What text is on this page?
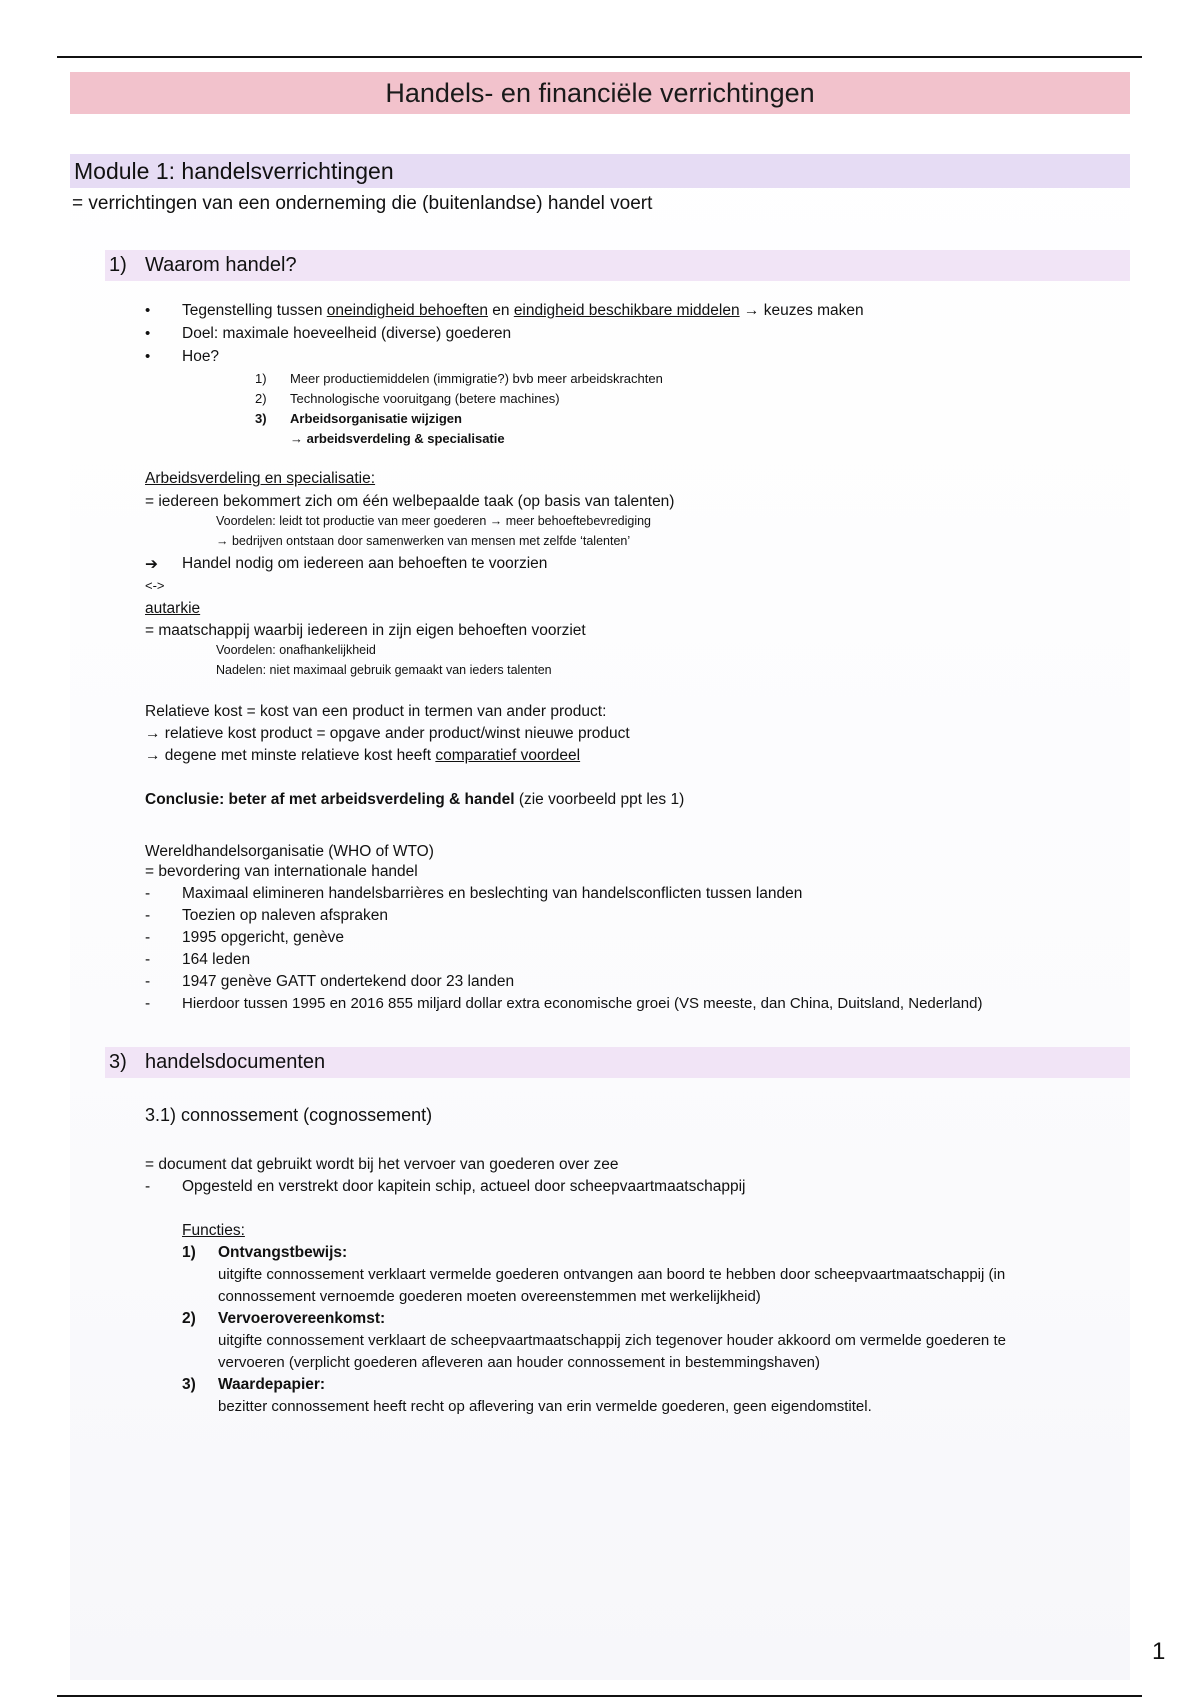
Handels- en financiële verrichtingen
Module 1: handelsverrichtingen
= verrichtingen van een onderneming die (buitenlandse) handel voert
1) Waarom handel?
• Tegenstelling tussen oneindigheid behoeften en eindigheid beschikbare middelen → keuzes maken
• Doel: maximale hoeveelheid (diverse) goederen
• Hoe?
1) Meer productiemiddelen (immigratie?) bvb meer arbeidskrachten
2) Technologische vooruitgang (betere machines)
3) Arbeidsorganisatie wijzigen
→ arbeidsverdeling & specialisatie
Arbeidsverdeling en specialisatie:
= iedereen bekommert zich om één welbepaalde taak (op basis van talenten)
Voordelen: leidt tot productie van meer goederen → meer behoeftebevrediging
→ bedrijven ontstaan door samenwerken van mensen met zelfde ‘talenten’
➔ Handel nodig om iedereen aan behoeften te voorzien
<->
autarkie
= maatschappij waarbij iedereen in zijn eigen behoeften voorziet
Voordelen: onafhankelijkheid
Nadelen: niet maximaal gebruik gemaakt van ieders talenten
Relatieve kost = kost van een product in termen van ander product:
→ relatieve kost product = opgave ander product/winst nieuwe product
→ degene met minste relatieve kost heeft comparatief voordeel
Conclusie: beter af met arbeidsverdeling & handel (zie voorbeeld ppt les 1)
Wereldhandelsorganisatie (WHO of WTO)
= bevordering van internationale handel
- Maximaal elimineren handelsbarrières en beslechting van handelsconflicten tussen landen
- Toezien op naleven afspraken
- 1995 opgericht, genève
- 164 leden
- 1947 genève GATT ondertekend door 23 landen
- Hierdoor tussen 1995 en 2016 855 miljard dollar extra economische groei (VS meeste, dan China, Duitsland, Nederland)
3) handelsdocumenten
3.1) connossement (cognossement)
= document dat gebruikt wordt bij het vervoer van goederen over zee
- Opgesteld en verstrekt door kapitein schip, actueel door scheepvaartmaatschappij
Functies:
1) Ontvangstbewijs:
uitgifte connossement verklaart vermelde goederen ontvangen aan boord te hebben door scheepvaartmaatschappij (in
connossement vernoemde goederen moeten overeenstemmen met werkelijkheid)
2) Vervoerovereenkomst:
uitgifte connossement verklaart de scheepvaartmaatschappij zich tegenover houder akkoord om vermelde goederen te
vervoeren (verplicht goederen afleveren aan houder connossement in bestemmingshaven)
3) Waardepapier:
bezitter connossement heeft recht op aflevering van erin vermelde goederen, geen eigendomstitel.
1
